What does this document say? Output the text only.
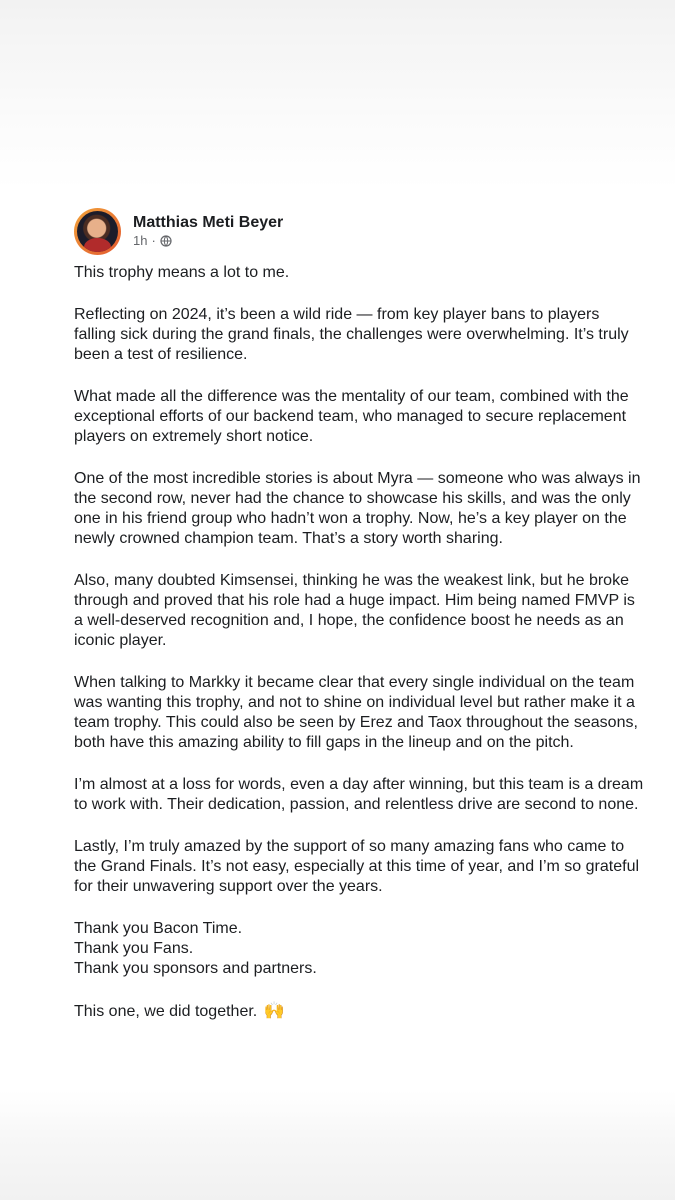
Matthias Meti Beyer
1h ·

This trophy means a lot to me.

Reflecting on 2024, it’s been a wild ride — from key player bans to players falling sick during the grand finals, the challenges were overwhelming. It’s truly been a test of resilience.

What made all the difference was the mentality of our team, combined with the exceptional efforts of our backend team, who managed to secure replacement players on extremely short notice.

One of the most incredible stories is about Myra — someone who was always in the second row, never had the chance to showcase his skills, and was the only one in his friend group who hadn’t won a trophy. Now, he’s a key player on the newly crowned champion team. That’s a story worth sharing.

Also, many doubted Kimsensei, thinking he was the weakest link, but he broke through and proved that his role had a huge impact. Him being named FMVP is a well-deserved recognition and, I hope, the confidence boost he needs as an iconic player.

When talking to Markky it became clear that every single individual on the team was wanting this trophy, and not to shine on individual level but rather make it a team trophy. This could also be seen by Erez and Taox throughout the seasons, both have this amazing ability to fill gaps in the lineup and on the pitch.

I’m almost at a loss for words, even a day after winning, but this team is a dream to work with. Their dedication, passion, and relentless drive are second to none.

Lastly, I’m truly amazed by the support of so many amazing fans who came to the Grand Finals. It’s not easy, especially at this time of year, and I’m so grateful for their unwavering support over the years.

Thank you Bacon Time.
Thank you Fans.
Thank you sponsors and partners.

This one, we did together. 🙌
